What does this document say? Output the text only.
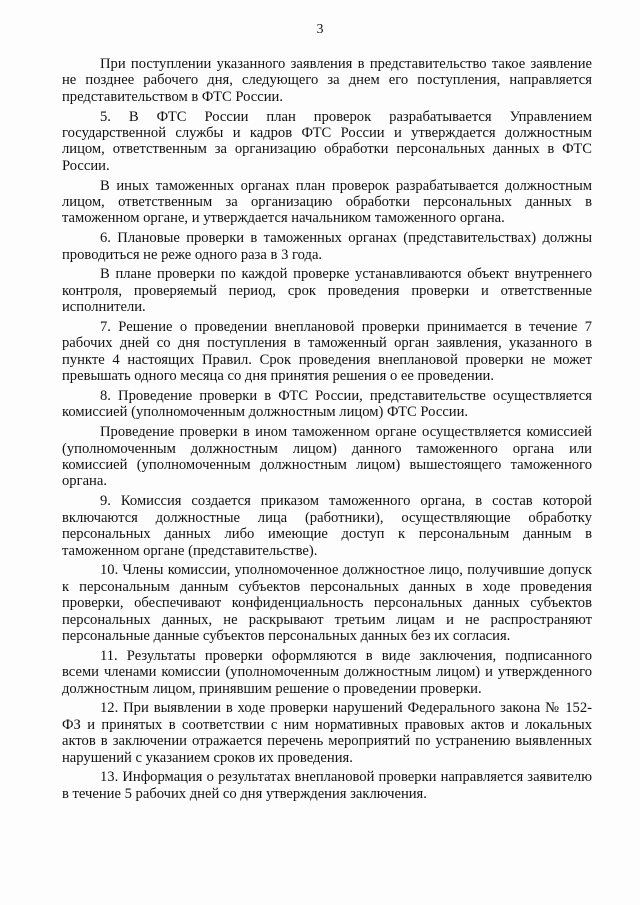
3

При поступлении указанного заявления в представительство такое заявление не позднее рабочего дня, следующего за днем его поступления, направляется представительством в ФТС России.

5. В ФТС России план проверок разрабатывается Управлением государственной службы и кадров ФТС России и утверждается должностным лицом, ответственным за организацию обработки персональных данных в ФТС России.

В иных таможенных органах план проверок разрабатывается должностным лицом, ответственным за организацию обработки персональных данных в таможенном органе, и утверждается начальником таможенного органа.

6. Плановые проверки в таможенных органах (представительствах) должны проводиться не реже одного раза в 3 года.

В плане проверки по каждой проверке устанавливаются объект внутреннего контроля, проверяемый период, срок проведения проверки и ответственные исполнители.

7. Решение о проведении внеплановой проверки принимается в течение 7 рабочих дней со дня поступления в таможенный орган заявления, указанного в пункте 4 настоящих Правил. Срок проведения внеплановой проверки не может превышать одного месяца со дня принятия решения о ее проведении.

8. Проведение проверки в ФТС России, представительстве осуществляется комиссией (уполномоченным должностным лицом) ФТС России.

Проведение проверки в ином таможенном органе осуществляется комиссией (уполномоченным должностным лицом) данного таможенного органа или комиссией (уполномоченным должностным лицом) вышестоящего таможенного органа.

9. Комиссия создается приказом таможенного органа, в состав которой включаются должностные лица (работники), осуществляющие обработку персональных данных либо имеющие доступ к персональным данным в таможенном органе (представительстве).

10. Члены комиссии, уполномоченное должностное лицо, получившие допуск к персональным данным субъектов персональных данных в ходе проведения проверки, обеспечивают конфиденциальность персональных данных субъектов персональных данных, не раскрывают третьим лицам и не распространяют персональные данные субъектов персональных данных без их согласия.

11. Результаты проверки оформляются в виде заключения, подписанного всеми членами комиссии (уполномоченным должностным лицом) и утвержденного должностным лицом, принявшим решение о проведении проверки.

12. При выявлении в ходе проверки нарушений Федерального закона № 152-ФЗ и принятых в соответствии с ним нормативных правовых актов и локальных актов в заключении отражается перечень мероприятий по устранению выявленных нарушений с указанием сроков их проведения.

13. Информация о результатах внеплановой проверки направляется заявителю в течение 5 рабочих дней со дня утверждения заключения.
